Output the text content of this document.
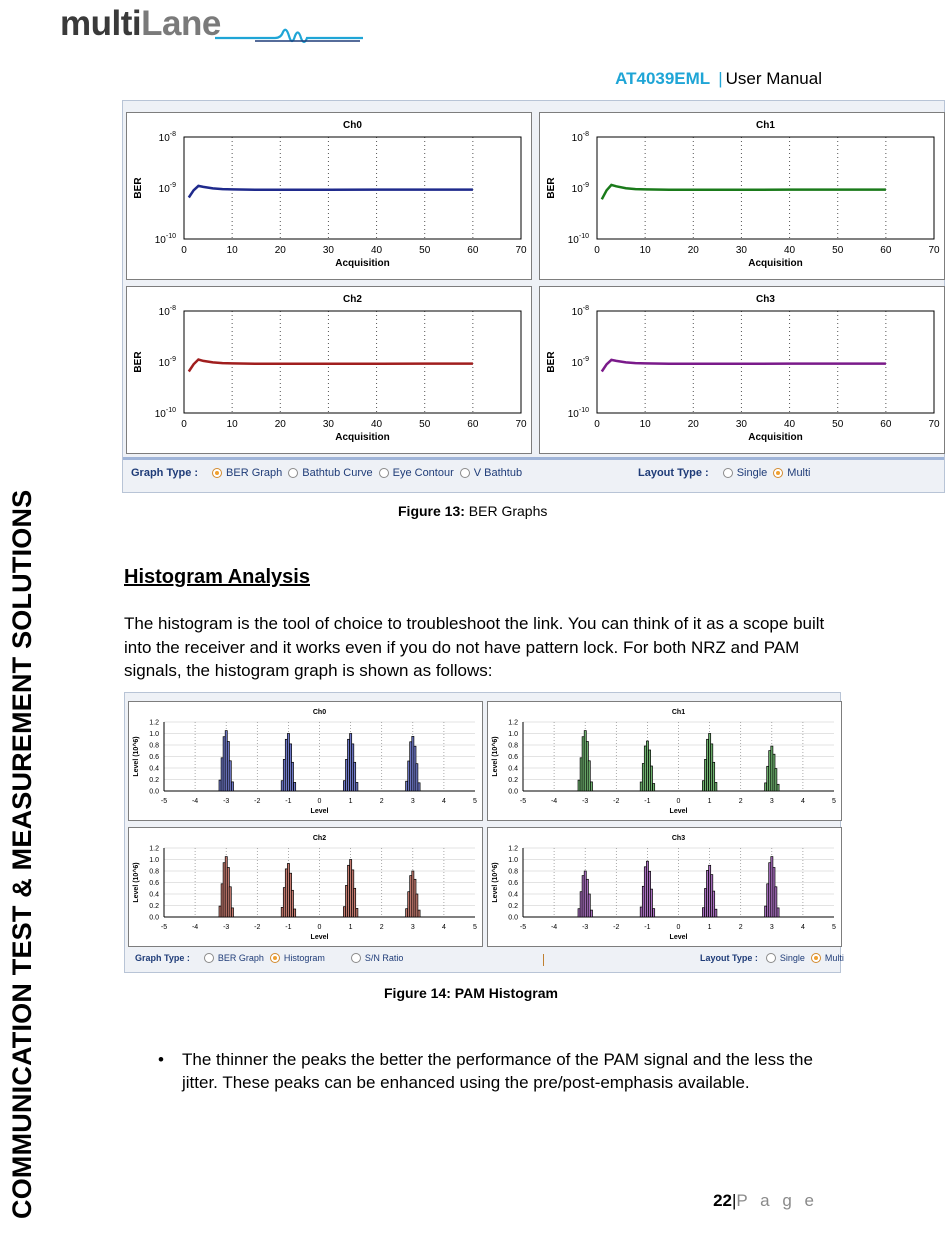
multiLane
AT4039EML | User Manual
COMMUNICATION TEST & MEASUREMENT SOLUTIONS
Ch0
0	10	20	30	40	50	60	70
$10^{-10}$
$10^{-9}$
$10^{-8}$
Acquisition
BER
Ch1
0	10	20	30	40	50	60	70
$10^{-10}$
$10^{-9}$
$10^{-8}$
Acquisition
BER
Ch2
0	10	20	30	40	50	60	70
$10^{-10}$
$10^{-9}$
$10^{-8}$
Acquisition
BER
Ch3
0	10	20	30	40	50	60	70
$10^{-10}$
$10^{-9}$
$10^{-8}$
Acquisition
BER
Graph Type :	BER Graph Bathtub Curve Eye Contour V Bathtub	Layout Type :	Single Multi
Figure 13: BER Graphs
Histogram Analysis
The histogram is the tool of choice to troubleshoot the link. You can think of it as a scope built into the receiver and it works even if you do not have pattern lock. For both NRZ and PAM signals, the histogram graph is shown as follows:
Ch0
0.0
0.2
0.4
0.6
0.8
1.0
1.2
-5	-4	-3	-2	-1	0	1	2	3	4	5
Level
Level (10^6)
Ch1
0.0
0.2
0.4
0.6
0.8
1.0
1.2
-5	-4	-3	-2	-1	0	1	2	3	4	5
Level
Level (10^6)
Ch2
0.0
0.2
0.4
0.6
0.8
1.0
1.2
-5	-4	-3	-2	-1	0	1	2	3	4	5
Level
Level (10^6)
Ch3
0.0
0.2
0.4
0.6
0.8
1.0
1.2
-5	-4	-3	-2	-1	0	1	2	3	4	5
Level
Level (10^6)
Graph Type :	BER Graph Histogram	S/N Ratio	Layout Type : Single Multi
Figure 14: PAM Histogram
• The thinner the peaks the better the performance of the PAM signal and the less the jitter. These peaks can be enhanced using the pre/post-emphasis available.
22|P a g e
